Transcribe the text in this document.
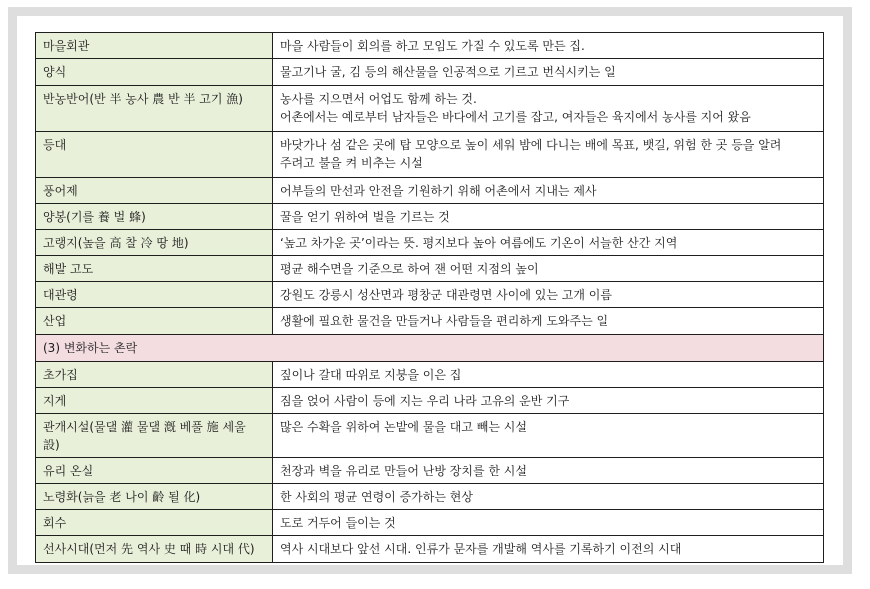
마을회관	마을 사람들이 회의를 하고 모임도 가질 수 있도록 만든 집.

양식	물고기나 굴, 김 등의 해산물을 인공적으로 기르고 번식시키는 일

반농반어(반 半 농사 農 반 半 고기 漁)	농사를 지으면서 어업도 함께 하는 것.
어촌에서는 예로부터 남자들은 바다에서 고기를 잡고, 여자들은 육지에서 농사를 지어 왔음

등대	바닷가나 섬 같은 곳에 탑 모양으로 높이 세워 밤에 다니는 배에 목표, 뱃길, 위험 한 곳 등을 알려
주려고 불을 켜 비추는 시설

풍어제	어부들의 만선과 안전을 기원하기 위해 어촌에서 지내는 제사

양봉(기를 養 벌 蜂)	꿀을 얻기 위하여 벌을 기르는 것

고랭지(높을 高 찰 冷 땅 地)	‘높고 차가운 곳’이라는 뜻. 평지보다 높아 여름에도 기온이 서늘한 산간 지역

해발 고도	평균 해수면을 기준으로 하여 잰 어떤 지점의 높이

대관령	강원도 강릉시 성산면과 평창군 대관령면 사이에 있는 고개 이름

산업	생활에 필요한 물건을 만들거나 사람들을 편리하게 도와주는 일

(3) 변화하는 촌락	
초가집	짚이나 갈대 따위로 지붕을 이은 집

지게	짐을 얹어 사람이 등에 지는 우리 나라 고유의 운반 기구

관개시설(물댈 灌 물댈 漑 베풀 施 세울 設)	많은 수확을 위하여 논밭에 물을 대고 빼는 시설

유리 온실	천장과 벽을 유리로 만들어 난방 장치를 한 시설

노령화(늙을 老 나이 齡 될 化)	한 사회의 평균 연령이 증가하는 현상

회수	도로 거두어 들이는 것

선사시대(먼저 先 역사 史 때 時 시대 代)	역사 시대보다 앞선 시대. 인류가 문자를 개발해 역사를 기록하기 이전의 시대
